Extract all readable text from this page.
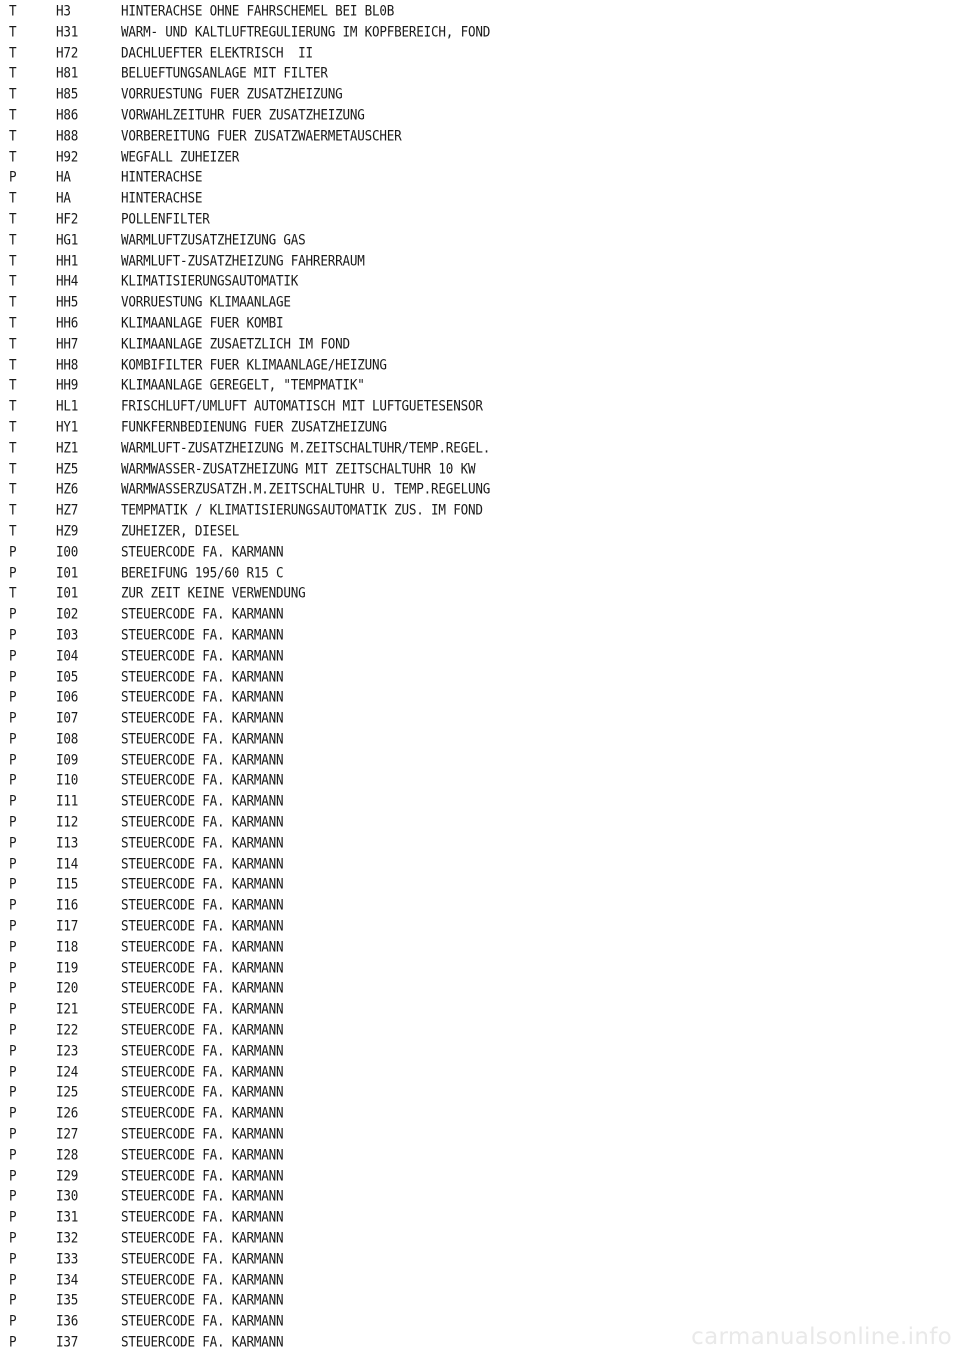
T	H3	HINTERACHSE OHNE FAHRSCHEMEL BEI BL0B
T	H31	WARM- UND KALTLUFTREGULIERUNG IM KOPFBEREICH, FOND
T	H72	DACHLUEFTER ELEKTRISCH  II
T	H81	BELUEFTUNGSANLAGE MIT FILTER
T	H85	VORRUESTUNG FUER ZUSATZHEIZUNG
T	H86	VORWAHLZEITUHR FUER ZUSATZHEIZUNG
T	H88	VORBEREITUNG FUER ZUSATZWAERMETAUSCHER
T	H92	WEGFALL ZUHEIZER
P	HA	HINTERACHSE
T	HA	HINTERACHSE
T	HF2	POLLENFILTER
T	HG1	WARMLUFTZUSATZHEIZUNG GAS
T	HH1	WARMLUFT-ZUSATZHEIZUNG FAHRERRAUM
T	HH4	KLIMATISIERUNGSAUTOMATIK
T	HH5	VORRUESTUNG KLIMAANLAGE
T	HH6	KLIMAANLAGE FUER KOMBI
T	HH7	KLIMAANLAGE ZUSAETZLICH IM FOND
T	HH8	KOMBIFILTER FUER KLIMAANLAGE/HEIZUNG
T	HH9	KLIMAANLAGE GEREGELT, "TEMPMATIK"
T	HL1	FRISCHLUFT/UMLUFT AUTOMATISCH MIT LUFTGUETESENSOR
T	HY1	FUNKFERNBEDIENUNG FUER ZUSATZHEIZUNG
T	HZ1	WARMLUFT-ZUSATZHEIZUNG M.ZEITSCHALTUHR/TEMP.REGEL.
T	HZ5	WARMWASSER-ZUSATZHEIZUNG MIT ZEITSCHALTUHR 10 KW
T	HZ6	WARMWASSERZUSATZH.M.ZEITSCHALTUHR U. TEMP.REGELUNG
T	HZ7	TEMPMATIK / KLIMATISIERUNGSAUTOMATIK ZUS. IM FOND
T	HZ9	ZUHEIZER, DIESEL
P	I00	STEUERCODE FA. KARMANN
P	I01	BEREIFUNG 195/60 R15 C
T	I01	ZUR ZEIT KEINE VERWENDUNG
P	I02	STEUERCODE FA. KARMANN
P	I03	STEUERCODE FA. KARMANN
P	I04	STEUERCODE FA. KARMANN
P	I05	STEUERCODE FA. KARMANN
P	I06	STEUERCODE FA. KARMANN
P	I07	STEUERCODE FA. KARMANN
P	I08	STEUERCODE FA. KARMANN
P	I09	STEUERCODE FA. KARMANN
P	I10	STEUERCODE FA. KARMANN
P	I11	STEUERCODE FA. KARMANN
P	I12	STEUERCODE FA. KARMANN
P	I13	STEUERCODE FA. KARMANN
P	I14	STEUERCODE FA. KARMANN
P	I15	STEUERCODE FA. KARMANN
P	I16	STEUERCODE FA. KARMANN
P	I17	STEUERCODE FA. KARMANN
P	I18	STEUERCODE FA. KARMANN
P	I19	STEUERCODE FA. KARMANN
P	I20	STEUERCODE FA. KARMANN
P	I21	STEUERCODE FA. KARMANN
P	I22	STEUERCODE FA. KARMANN
P	I23	STEUERCODE FA. KARMANN
P	I24	STEUERCODE FA. KARMANN
P	I25	STEUERCODE FA. KARMANN
P	I26	STEUERCODE FA. KARMANN
P	I27	STEUERCODE FA. KARMANN
P	I28	STEUERCODE FA. KARMANN
P	I29	STEUERCODE FA. KARMANN
P	I30	STEUERCODE FA. KARMANN
P	I31	STEUERCODE FA. KARMANN
P	I32	STEUERCODE FA. KARMANN
P	I33	STEUERCODE FA. KARMANN
P	I34	STEUERCODE FA. KARMANN
P	I35	STEUERCODE FA. KARMANN
P	I36	STEUERCODE FA. KARMANN
P	I37	STEUERCODE FA. KARMANN	carmanualsonline.info
